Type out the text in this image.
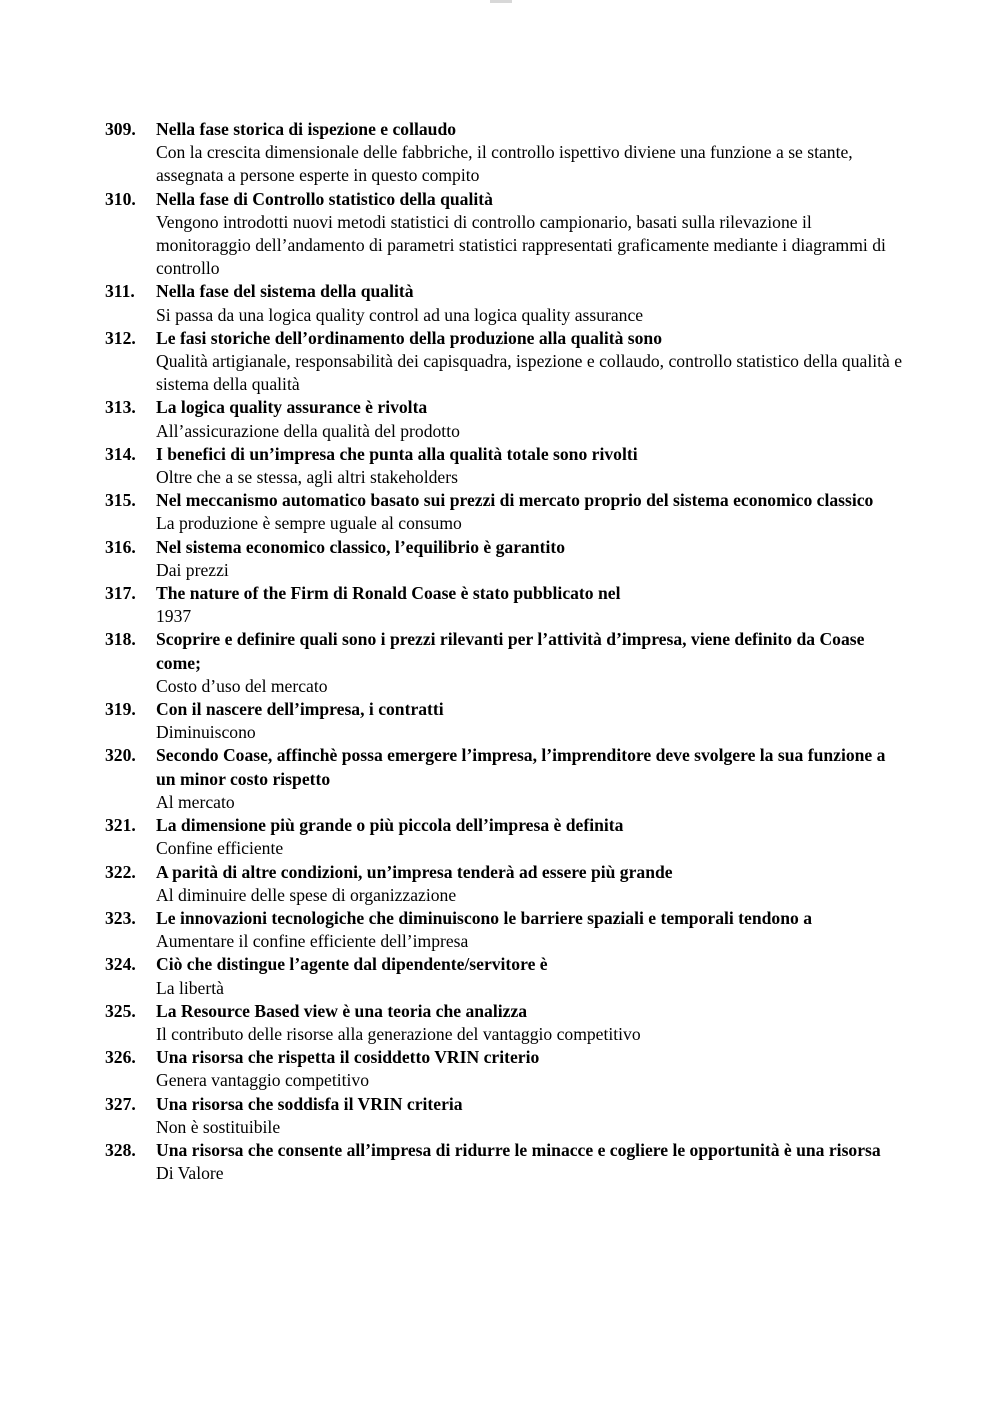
309.	Nella fase storica di ispezione e collaudo
Con la crescita dimensionale delle fabbriche, il controllo ispettivo diviene una funzione a se stante, assegnata a persone esperte in questo compito
310.	Nella fase di Controllo statistico della qualità
Vengono introdotti nuovi metodi statistici di controllo campionario, basati sulla rilevazione il monitoraggio dell’andamento di parametri statistici rappresentati graficamente mediante i diagrammi di controllo
311.	Nella fase del sistema della qualità
Si passa da una logica quality control ad una logica quality assurance
312.	Le fasi storiche dell’ordinamento della produzione alla qualità sono
Qualità artigianale, responsabilità dei capisquadra, ispezione e collaudo, controllo statistico della qualità e sistema della qualità
313.	La logica quality assurance è rivolta
All’assicurazione della qualità del prodotto
314.	I benefici di un’impresa che punta alla qualità totale sono rivolti
Oltre che a se stessa, agli altri stakeholders
315.	Nel meccanismo automatico basato sui prezzi di mercato proprio del sistema economico classico
La produzione è sempre uguale al consumo
316.	Nel sistema economico classico, l’equilibrio è garantito
Dai prezzi
317.	The nature of the Firm di Ronald Coase è stato pubblicato nel
1937
318.	Scoprire e definire quali sono i prezzi rilevanti per l’attività d’impresa, viene definito da Coase come;
Costo d’uso del mercato
319.	Con il nascere dell’impresa, i contratti
Diminuiscono
320.	Secondo Coase, affinchè possa emergere l’impresa, l’imprenditore deve svolgere la sua funzione a un minor costo rispetto
Al mercato
321.	La dimensione più grande o più piccola dell’impresa è definita
Confine efficiente
322.	A parità di altre condizioni, un’impresa tenderà ad essere più grande
Al diminuire delle spese di organizzazione
323.	Le innovazioni tecnologiche che diminuiscono le barriere spaziali e temporali tendono a
Aumentare il confine efficiente dell’impresa
324.	Ciò che distingue l’agente dal dipendente/servitore è
La libertà
325.	La Resource Based view è una teoria che analizza
Il contributo delle risorse alla generazione del vantaggio competitivo
326.	Una risorsa che rispetta il cosiddetto VRIN criterio
Genera vantaggio competitivo
327.	Una risorsa che soddisfa il VRIN criteria
Non è sostituibile
328.	Una risorsa che consente all’impresa di ridurre le minacce e cogliere le opportunità è una risorsa
Di Valore
